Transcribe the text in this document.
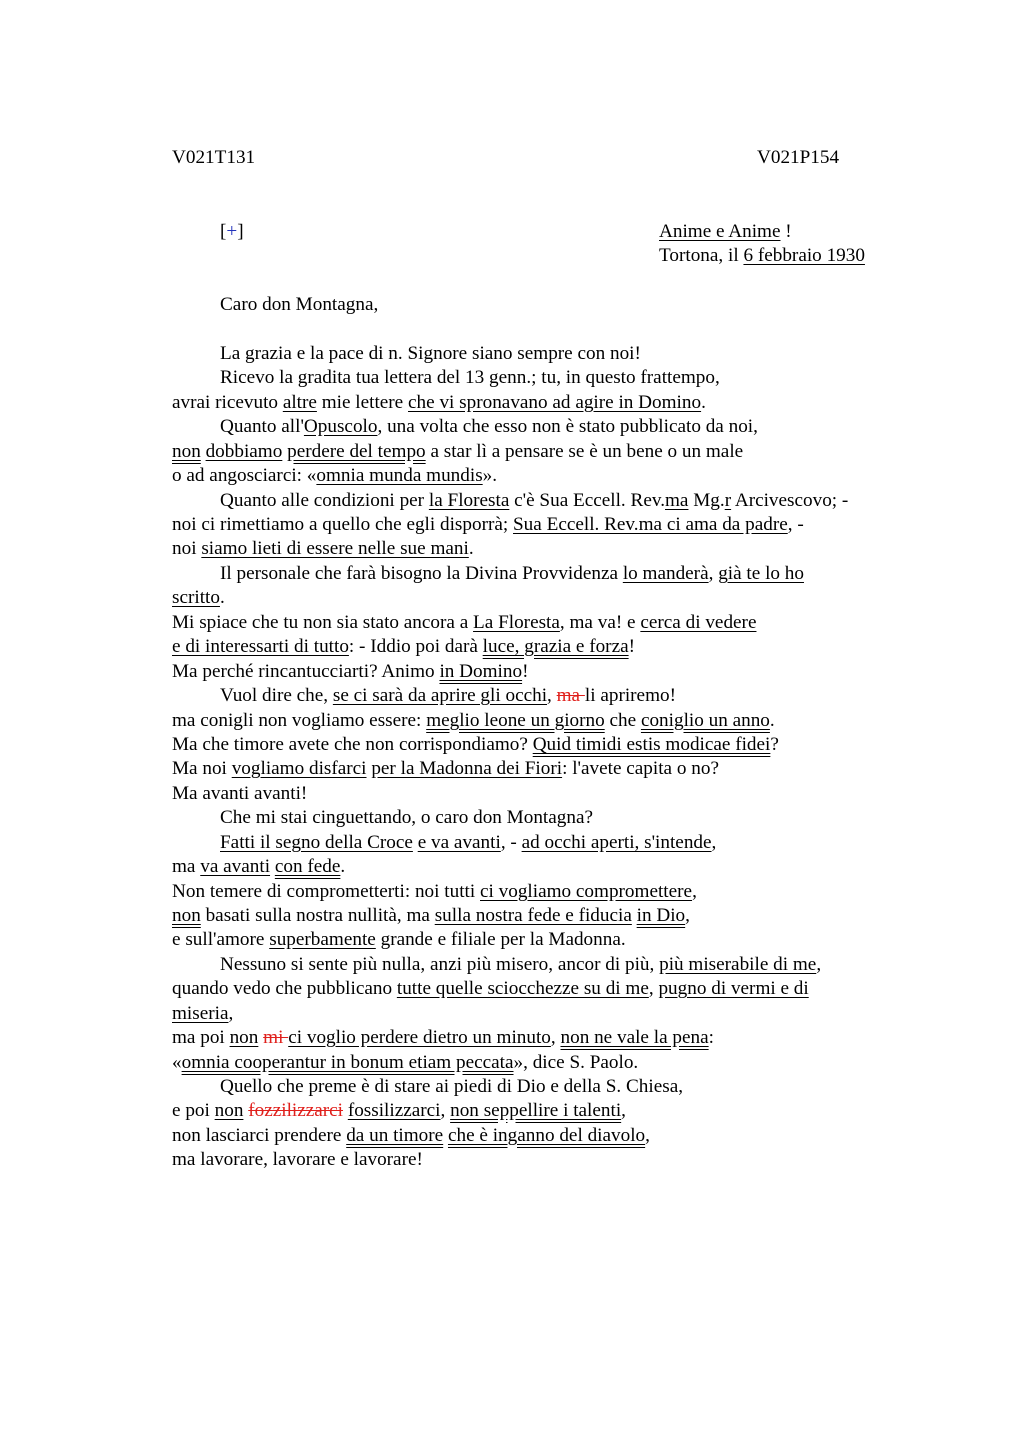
V021T131	V021P154
[+]	Anime e Anime !
Tortona, il 6 febbraio 1930
Caro don Montagna,
La grazia e la pace di n. Signore siano sempre con noi!
Ricevo la gradita tua lettera del 13 genn.; tu, in questo frattempo,
avrai ricevuto altre mie lettere che vi spronavano ad agire in Domino.
Quanto all'Opuscolo, una volta che esso non è stato pubblicato da noi,
non dobbiamo perdere del tempo a star lì a pensare se è un bene o un male
o ad angosciarci: «omnia munda mundis».
Quanto alle condizioni per la Floresta c'è Sua Eccell. Rev.ma Mg.r Arcivescovo; -
noi ci rimettiamo a quello che egli disporrà; Sua Eccell. Rev.ma ci ama da padre, -
noi siamo lieti di essere nelle sue mani.
Il personale che farà bisogno la Divina Provvidenza lo manderà, già te lo ho
scritto.
Mi spiace che tu non sia stato ancora a La Floresta, ma va! e cerca di vedere
e di interessarti di tutto: - Iddio poi darà luce, grazia e forza!
Ma perché rincantucciarti? Animo in Domino!
Vuol dire che, se ci sarà da aprire gli occhi, ma li apriremo!
ma conigli non vogliamo essere: meglio leone un giorno che coniglio un anno.
Ma che timore avete che non corrispondiamo? Quid timidi estis modicae fidei?
Ma noi vogliamo disfarci per la Madonna dei Fiori: l'avete capita o no?
Ma avanti avanti!
Che mi stai cinguettando, o caro don Montagna?
Fatti il segno della Croce e va avanti, - ad occhi aperti, s'intende,
ma va avanti con fede.
Non temere di comprometterti: noi tutti ci vogliamo compromettere,
non basati sulla nostra nullità, ma sulla nostra fede e fiducia in Dio,
e sull'amore superbamente grande e filiale per la Madonna.
Nessuno si sente più nulla, anzi più misero, ancor di più, più miserabile di me,
quando vedo che pubblicano tutte quelle sciocchezze su di me, pugno di vermi e di
miseria,
ma poi non mi ci voglio perdere dietro un minuto, non ne vale la pena:
«omnia cooperantur in bonum etiam peccata», dice S. Paolo.
Quello che preme è di stare ai piedi di Dio e della S. Chiesa,
e poi non fozzilizzarci fossilizzarci, non seppellire i talenti,
non lasciarci prendere da un timore che è inganno del diavolo,
ma lavorare, lavorare e lavorare!
